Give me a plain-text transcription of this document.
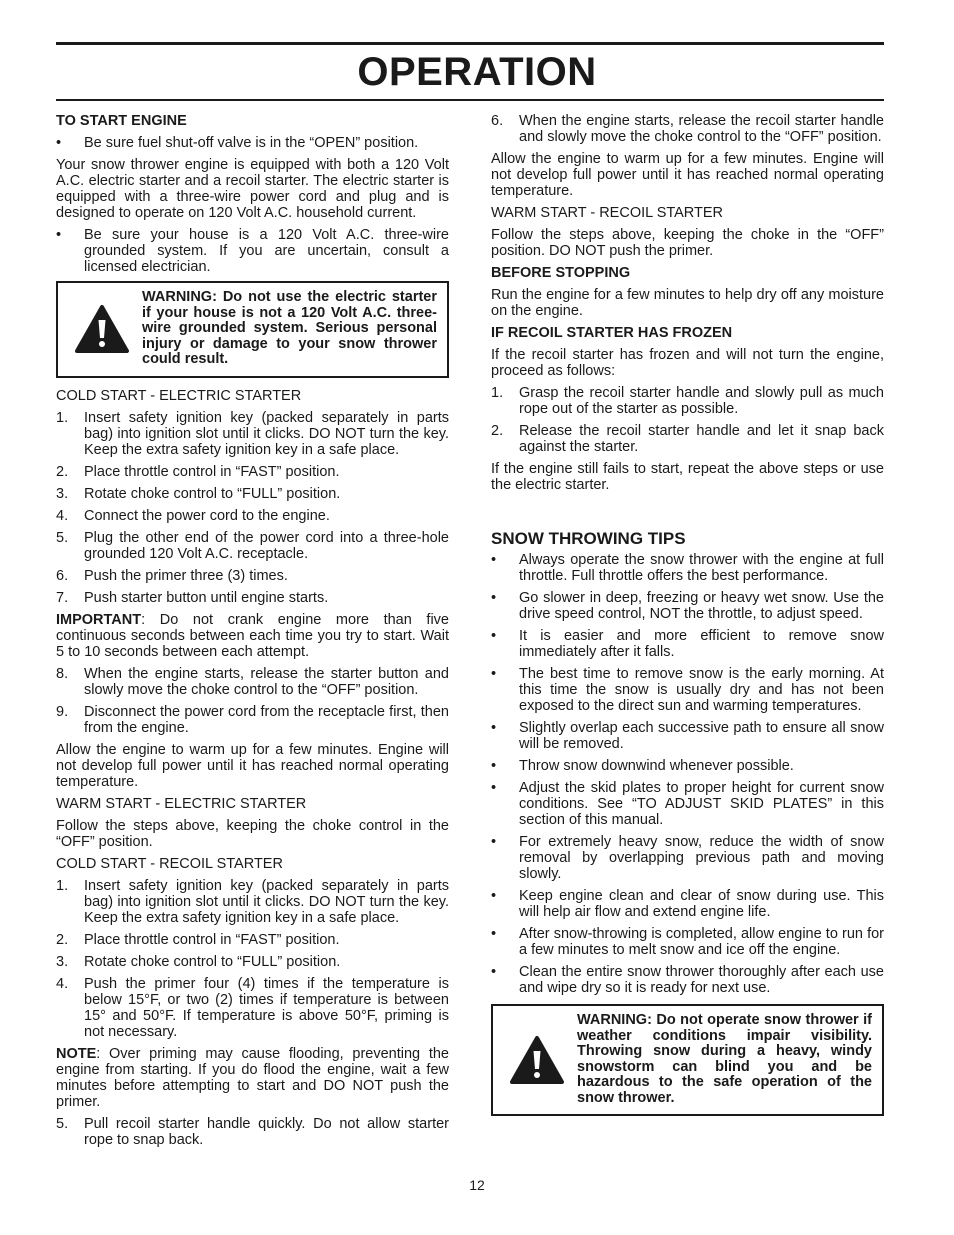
OPERATION
TO START ENGINE
•	Be sure fuel shut-off valve is in the “OPEN” position.

Your snow thrower engine is equipped with both a 120 Volt A.C. electric starter and a recoil starter. The electric starter is equipped with a three-wire power cord and plug and is designed to operate on 120 Volt A.C. household current.

•	Be sure your house is a 120 Volt A.C. three-wire grounded system. If you are uncertain, consult a licensed electrician.
WARNING: Do not use the electric starter if your house is not a 120 Volt A.C. three-wire grounded system. Serious personal injury or damage to your snow thrower could result.
COLD START - ELECTRIC STARTER
1.	Insert safety ignition key (packed separately in parts bag) into ignition slot until it clicks. DO NOT turn the key. Keep the extra safety ignition key in a safe place.
2.	Place throttle control in “FAST” position.
3.	Rotate choke control to “FULL” position.
4.	Connect the power cord to the engine.
5.	Plug the other end of the power cord into a three-hole grounded 120 Volt A.C. receptacle.
6.	Push the primer three (3) times.
7.	Push starter button until engine starts.

IMPORTANT: Do not crank engine more than five continuous seconds between each time you try to start. Wait 5 to 10 seconds between each attempt.

8.	When the engine starts, release the starter button and slowly move the choke control to the “OFF” position.
9.	Disconnect the power cord from the receptacle first, then from the engine.

Allow the engine to warm up for a few minutes. Engine will not develop full power until it has reached normal operating temperature.

WARM START - ELECTRIC STARTER

Follow the steps above, keeping the choke control in the “OFF” position.

COLD START - RECOIL STARTER
1.	Insert safety ignition key (packed separately in parts bag) into ignition slot until it clicks. DO NOT turn the key. Keep the extra safety ignition key in a safe place.
2.	Place throttle control in “FAST” position.
3.	Rotate choke control to “FULL” position.
4.	Push the primer four (4) times if the temperature is below 15°F, or two (2) times if temperature is between 15° and 50°F. If temperature is above 50°F, priming is not necessary.

NOTE: Over priming may cause flooding, preventing the engine from starting. If you do flood the engine, wait a few minutes before attempting to start and DO NOT push the primer.

5.	Pull recoil starter handle quickly. Do not allow starter rope to snap back.
6.	When the engine starts, release the recoil starter handle and slowly move the choke control to the “OFF” position.

Allow the engine to warm up for a few minutes. Engine will not develop full power until it has reached normal operating temperature.

WARM START - RECOIL STARTER

Follow the steps above, keeping the choke in the “OFF” position. DO NOT push the primer.

BEFORE STOPPING

Run the engine for a few minutes to help dry off any moisture on the engine.

IF RECOIL STARTER HAS FROZEN

If the recoil starter has frozen and will not turn the engine, proceed as follows:

1.	Grasp the recoil starter handle and slowly pull as much rope out of the starter as possible.
2.	Release the recoil starter handle and let it snap back against the starter.

If the engine still fails to start, repeat the above steps or use the electric starter.

SNOW THROWING TIPS
•	Always operate the snow thrower with the engine at full throttle. Full throttle offers the best performance.
•	Go slower in deep, freezing or heavy wet snow. Use the drive speed control, NOT the throttle, to adjust speed.
•	It is easier and more efficient to remove snow immediately after it falls.
•	The best time to remove snow is the early morning. At this time the snow is usually dry and has not been exposed to the direct sun and warming temperatures.
•	Slightly overlap each successive path to ensure all snow will be removed.
•	Throw snow downwind whenever possible.
•	Adjust the skid plates to proper height for current snow conditions. See “TO ADJUST SKID PLATES” in this section of this manual.
•	For extremely heavy snow, reduce the width of snow removal by overlapping previous path and moving slowly.
•	Keep engine clean and clear of snow during use. This will help air flow and extend engine life.
•	After snow-throwing is completed, allow engine to run for a few minutes to melt snow and ice off the engine.
•	Clean the entire snow thrower thoroughly after each use and wipe dry so it is ready for next use.
WARNING: Do not operate snow thrower if weather conditions impair visibility. Throwing snow during a heavy, windy snowstorm can blind you and be hazardous to the safe operation of the snow thrower.
12
